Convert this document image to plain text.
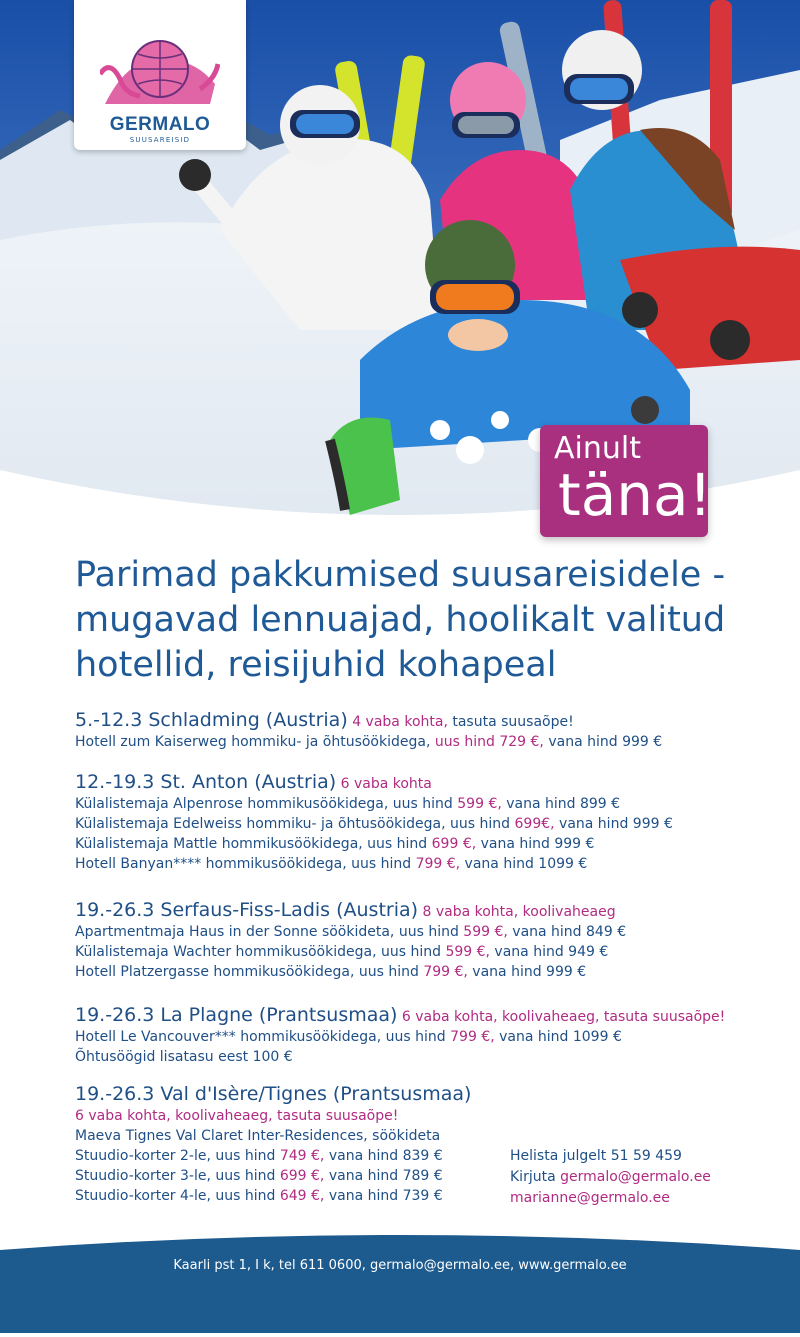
GERMALO
SUUSAREISID
Ainult
täna!
Parimad pakkumised suusareisidele -
mugavad lennuajad, hoolikalt valitud
hotellid, reisijuhid kohapeal
5.-12.3 Schladming (Austria) 4 vaba kohta, tasuta suusaõpe!
Hotell zum Kaiserweg hommiku- ja õhtusöökidega, uus hind 729 €, vana hind 999 €
12.-19.3 St. Anton (Austria) 6 vaba kohta
Külalistemaja Alpenrose hommikusöökidega, uus hind 599 €, vana hind 899 €
Külalistemaja Edelweiss hommiku- ja õhtusöökidega, uus hind 699€, vana hind 999 €
Külalistemaja Mattle hommikusöökidega, uus hind 699 €, vana hind 999 €
Hotell Banyan**** hommikusöökidega, uus hind 799 €, vana hind 1099 €
19.-26.3 Serfaus-Fiss-Ladis (Austria) 8 vaba kohta, koolivaheaeg
Apartmentmaja Haus in der Sonne söökideta, uus hind 599 €, vana hind 849 €
Külalistemaja Wachter hommikusöökidega, uus hind 599 €, vana hind 949 €
Hotell Platzergasse hommikusöökidega, uus hind 799 €, vana hind 999 €
19.-26.3 La Plagne (Prantsusmaa) 6 vaba kohta, koolivaheaeg, tasuta suusaõpe!
Hotell Le Vancouver*** hommikusöökidega, uus hind 799 €, vana hind 1099 €
Õhtusöögid lisatasu eest 100 €
19.-26.3 Val d'Isère/Tignes (Prantsusmaa)
6 vaba kohta, koolivaheaeg, tasuta suusaõpe!
Maeva Tignes Val Claret Inter-Residences, söökideta
Stuudio-korter 2-le, uus hind 749 €, vana hind 839 €
Stuudio-korter 3-le, uus hind 699 €, vana hind 789 €
Stuudio-korter 4-le, uus hind 649 €, vana hind 739 €
Helista julgelt 51 59 459
Kirjuta germalo@germalo.ee
marianne@germalo.ee
Kaarli pst 1, I k, tel 611 0600, germalo@germalo.ee, www.germalo.ee
